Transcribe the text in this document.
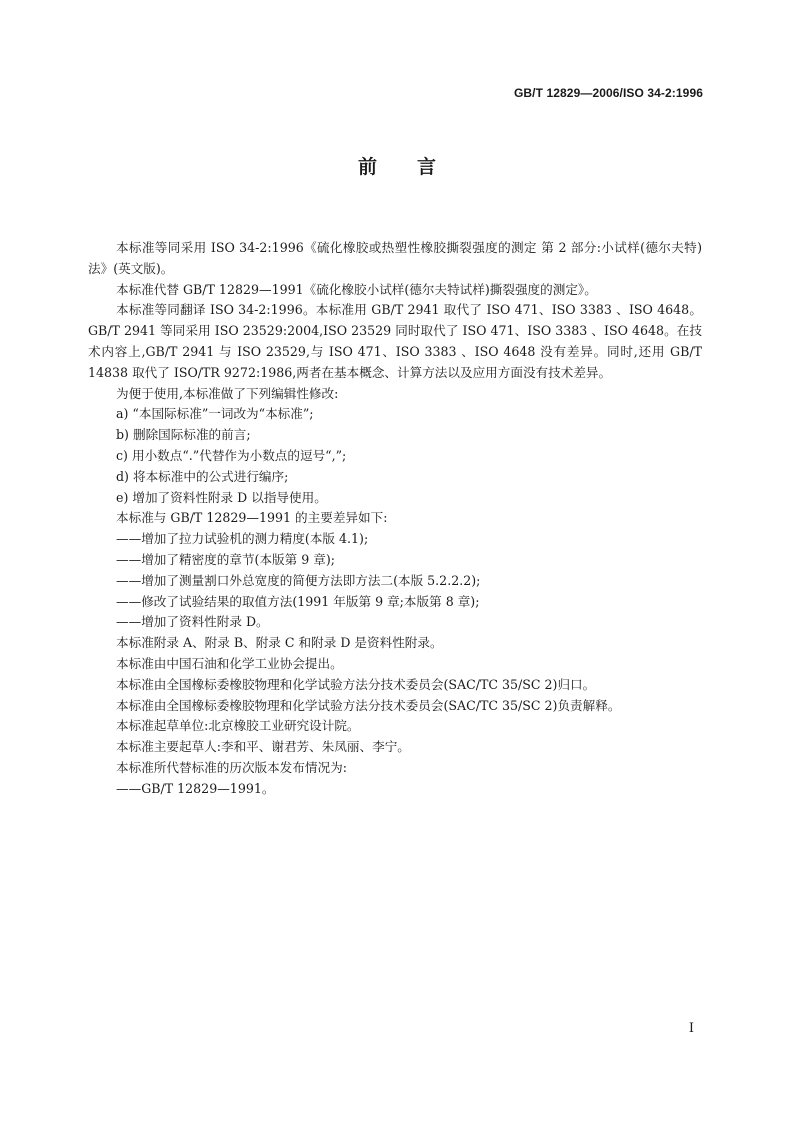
GB/T 12829—2006/ISO 34-2:1996
前言

本标准等同采用 ISO 34-2:1996《硫化橡胶或热塑性橡胶撕裂强度的测定 第 2 部分:小试样(德尔夫特)法》(英文版)。

本标准代替 GB/T 12829—1991《硫化橡胶小试样(德尔夫特试样)撕裂强度的测定》。

本标准等同翻译 ISO 34-2:1996。本标准用 GB/T 2941 取代了 ISO 471、ISO 3383 、ISO 4648。GB/T 2941 等同采用 ISO 23529:2004,ISO 23529 同时取代了 ISO 471、ISO 3383 、ISO 4648。在技术内容上,GB/T 2941 与 ISO 23529,与 ISO 471、ISO 3383 、ISO 4648 没有差异。同时,还用 GB/T 14838 取代了 ISO/TR 9272:1986,两者在基本概念、计算方法以及应用方面没有技术差异。

为便于使用,本标准做了下列编辑性修改:

a) “本国际标准”一词改为“本标准”;

b) 删除国际标准的前言;

c) 用小数点“.”代替作为小数点的逗号“,”;

d) 将本标准中的公式进行编序;

e) 增加了资料性附录 D 以指导使用。

本标准与 GB/T 12829—1991 的主要差异如下:

——增加了拉力试验机的测力精度(本版 4.1);

——增加了精密度的章节(本版第 9 章);

——增加了测量割口外总宽度的简便方法即方法二(本版 5.2.2.2);

——修改了试验结果的取值方法(1991 年版第 9 章;本版第 8 章);

——增加了资料性附录 D。

本标准附录 A、附录 B、附录 C 和附录 D 是资料性附录。

本标准由中国石油和化学工业协会提出。

本标准由全国橡标委橡胶物理和化学试验方法分技术委员会(SAC/TC 35/SC 2)归口。

本标准由全国橡标委橡胶物理和化学试验方法分技术委员会(SAC/TC 35/SC 2)负责解释。

本标准起草单位:北京橡胶工业研究设计院。

本标准主要起草人:李和平、谢君芳、朱凤丽、李宁。

本标准所代替标准的历次版本发布情况为:

——GB/T 12829—1991。

I
